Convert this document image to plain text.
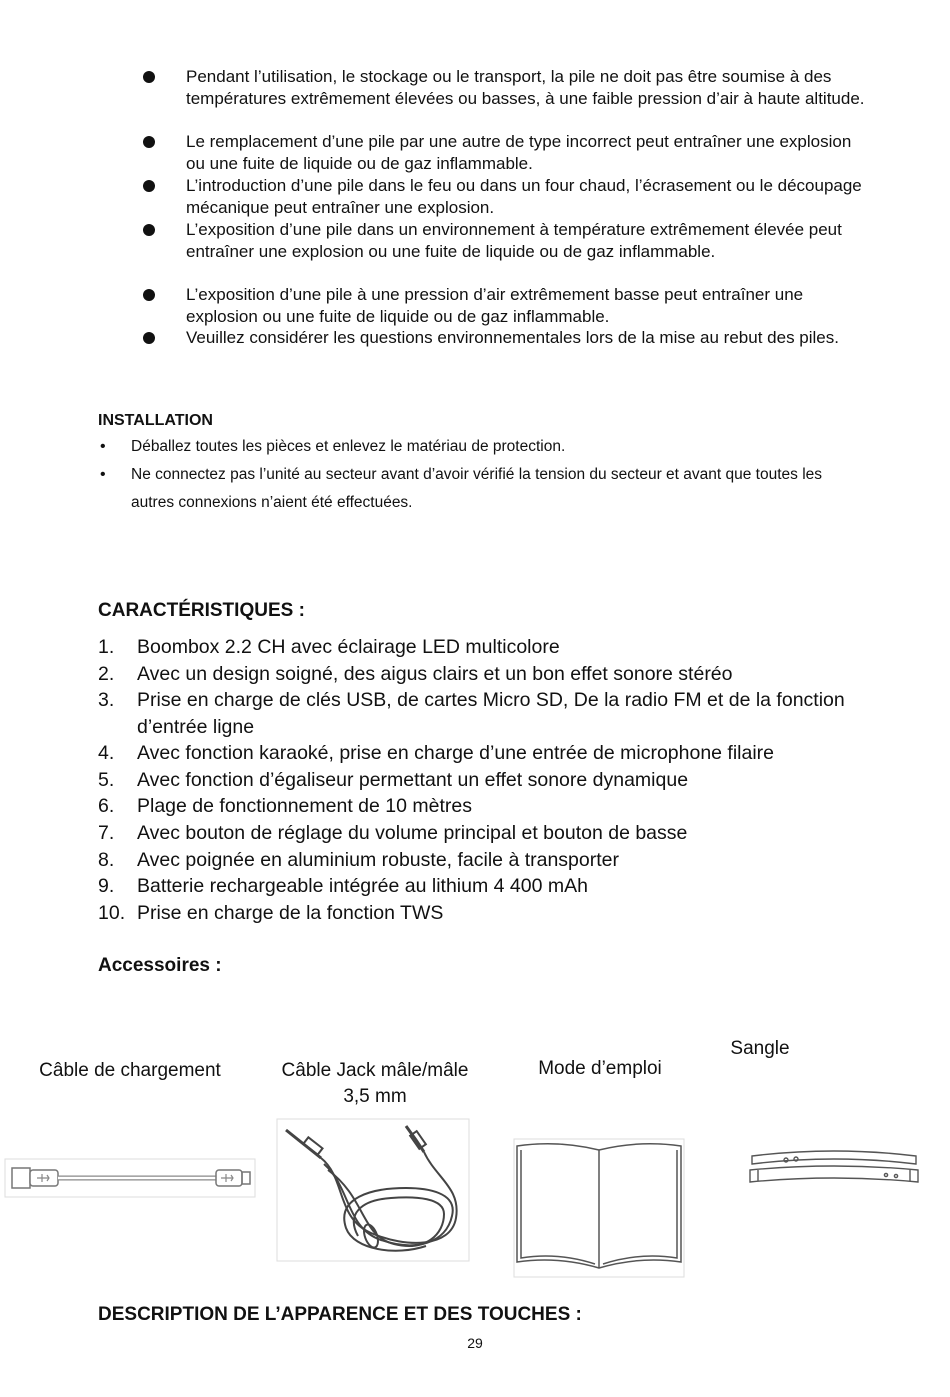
Pendant l’utilisation, le stockage ou le transport, la pile ne doit pas être soumise à des températures extrêmement élevées ou basses, à une faible pression d’air à haute altitude.
Le remplacement d’une pile par une autre de type incorrect peut entraîner une explosion ou une fuite de liquide ou de gaz inflammable.
L’introduction d’une pile dans le feu ou dans un four chaud, l’écrasement ou le découpage mécanique peut entraîner une explosion.
L’exposition d’une pile dans un environnement à température extrêmement élevée peut entraîner une explosion ou une fuite de liquide ou de gaz inflammable.
L’exposition d’une pile à une pression d’air extrêmement basse peut entraîner une explosion ou une fuite de liquide ou de gaz inflammable.
Veuillez considérer les questions environnementales lors de la mise au rebut des piles.
INSTALLATION
• Déballez toutes les pièces et enlevez le matériau de protection.
• Ne connectez pas l’unité au secteur avant d’avoir vérifié la tension du secteur et avant que toutes les autres connexions n’aient été effectuées.
CARACTÉRISTIQUES :
1.	Boombox 2.2 CH avec éclairage LED multicolore
2.	Avec un design soigné, des aigus clairs et un bon effet sonore stéréo
3.	Prise en charge de clés USB, de cartes Micro SD, De la radio FM et de la fonction d’entrée ligne
4.	Avec fonction karaoké, prise en charge d’une entrée de microphone filaire
5.	Avec fonction d’égaliseur permettant un effet sonore dynamique
6.	Plage de fonctionnement de 10 mètres
7.	Avec bouton de réglage du volume principal et bouton de basse
8.	Avec poignée en aluminium robuste, facile à transporter
9.	Batterie rechargeable intégrée au lithium 4 400 mAh
10. Prise en charge de la fonction TWS
Accessoires :
Câble de chargement	Câble Jack mâle/mâle 3,5 mm
Mode d’emploi
Sangle
DESCRIPTION DE L’APPARENCE ET DES TOUCHES :
29
